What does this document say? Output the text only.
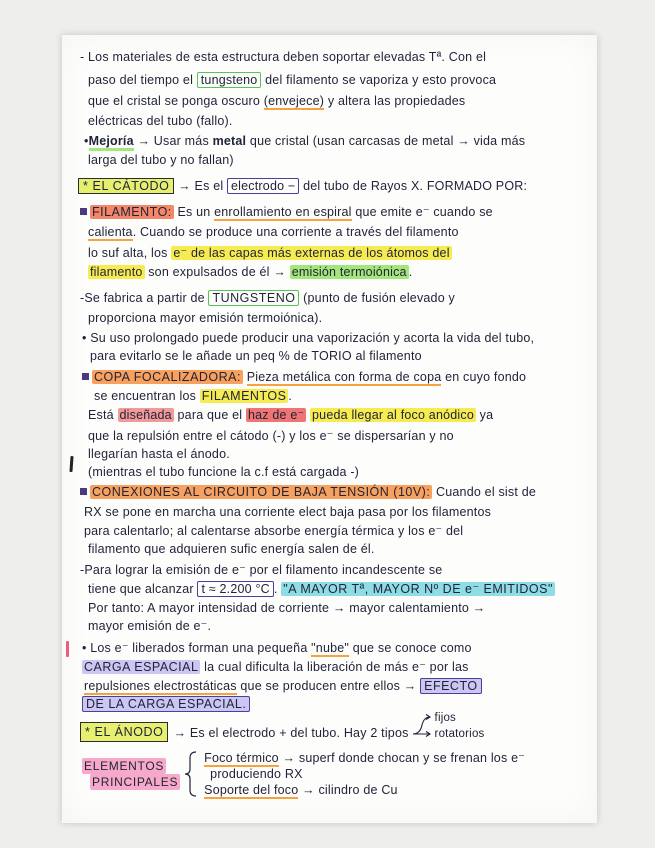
- Los materiales de esta estructura deben soportar elevadas Tª. Con el
paso del tiempo el tungsteno del filamento se vaporiza y esto provoca
que el cristal se ponga oscuro (envejece) y altera las propiedades
eléctricas del tubo (fallo).
•Mejoría → Usar más metal que cristal (usan carcasas de metal → vida más
larga del tubo y no fallan)
* EL CÁTODO → Es el electrodo − del tubo de Rayos X. FORMADO POR:
FILAMENTO: Es un enrollamiento en espiral que emite e⁻ cuando se
calienta. Cuando se produce una corriente a través del filamento
lo suf alta, los e⁻ de las capas más externas de los átomos del
filamento son expulsados de él → emisión termoiónica .
-Se fabrica a partir de TUNGSTENO (punto de fusión elevado y
proporciona mayor emisión termoiónica).
• Su uso prolongado puede producir una vaporización y acorta la vida del tubo,
para evitarlo se le añade un peq % de TORIO al filamento
COPA FOCALIZADORA: Pieza metálica con forma de copa en cuyo fondo
se encuentran los FILAMENTOS .
Está diseñada para que el haz de e⁻ pueda llegar al foco anódico ya
que la repulsión entre el cátodo (-) y los e⁻ se dispersarían y no
llegarían hasta el ánodo.
(mientras el tubo funcione la c.f está cargada -)
CONEXIONES AL CIRCUITO DE BAJA TENSIÓN (10V): Cuando el sist de
RX se pone en marcha una corriente elect baja pasa por los filamentos
para calentarlo; al calentarse absorbe energía térmica y los e⁻ del
filamento que adquieren sufic energía salen de él.
-Para lograr la emisión de e⁻ por el filamento incandescente se
tiene que alcanzar t ≈ 2.200 °C . "A MAYOR Tª, MAYOR Nº DE e⁻ EMITIDOS"
Por tanto: A mayor intensidad de corriente → mayor calentamiento →
mayor emisión de e⁻.
• Los e⁻ liberados forman una pequeña "nube" que se conoce como
CARGA ESPACIAL la cual dificulta la liberación de más e⁻ por las
repulsiones electrostáticas que se producen entre ellos → EFECTO
DE LA CARGA ESPACIAL.
* EL ÁNODO → Es el electrodo + del tubo. Hay 2 tipos
fijos
rotatorios
ELEMENTOS
PRINCIPALES
Foco térmico → superf donde chocan y se frenan los e⁻
produciendo RX
Soporte del foco → cilindro de Cu
